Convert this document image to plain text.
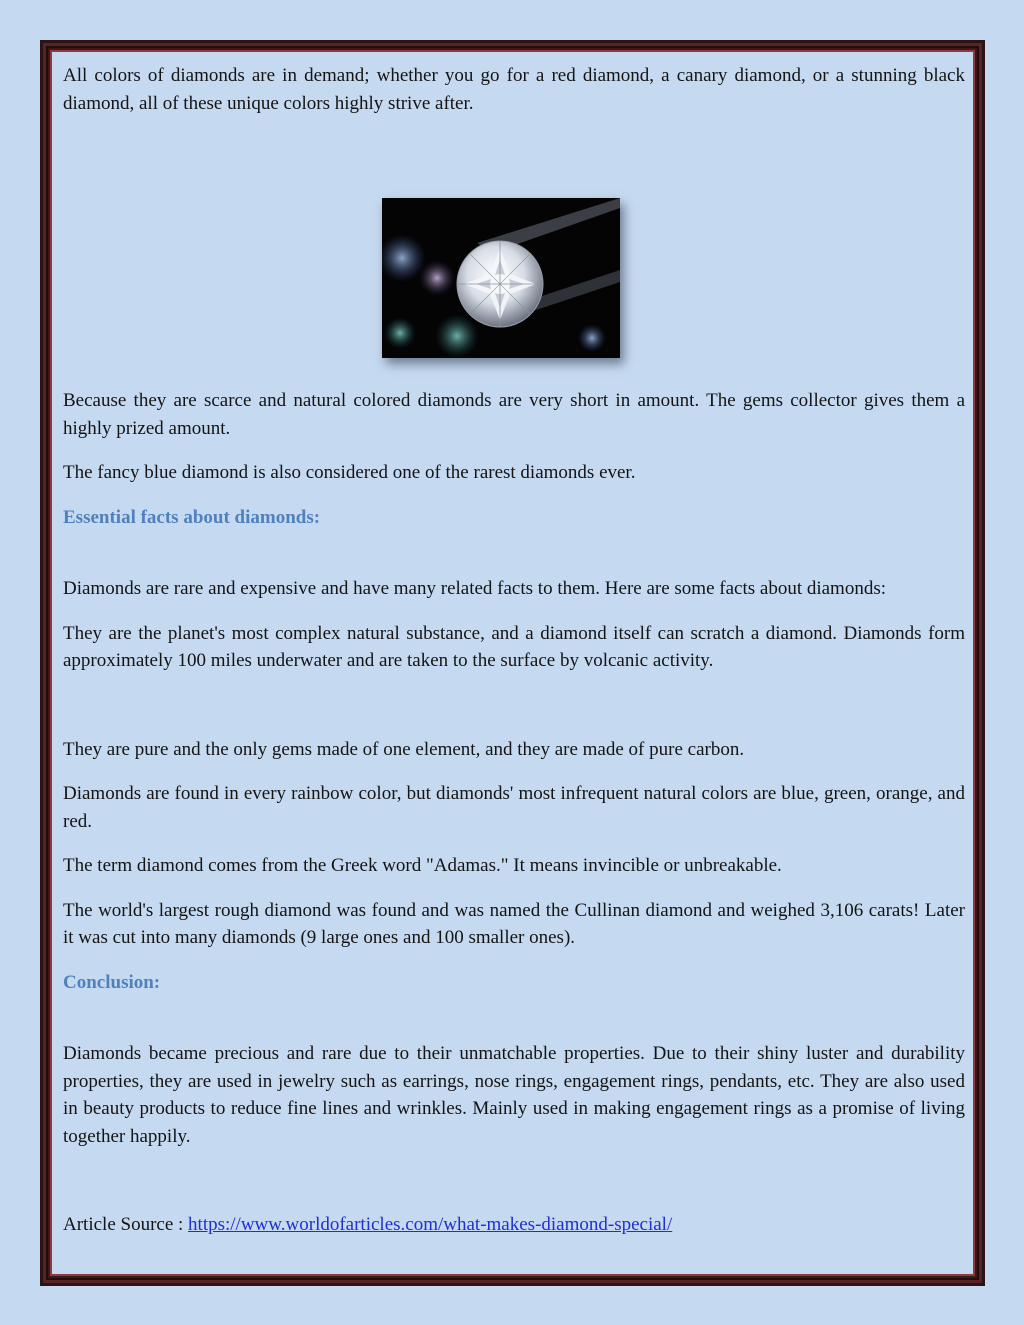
All colors of diamonds are in demand; whether you go for a red diamond, a canary diamond, or a stunning black diamond, all of these unique colors highly strive after.

Because they are scarce and natural colored diamonds are very short in amount. The gems collector gives them a highly prized amount.

The fancy blue diamond is also considered one of the rarest diamonds ever.

Essential facts about diamonds:

Diamonds are rare and expensive and have many related facts to them. Here are some facts about diamonds:

They are the planet's most complex natural substance, and a diamond itself can scratch a diamond. Diamonds form approximately 100 miles underwater and are taken to the surface by volcanic activity.

They are pure and the only gems made of one element, and they are made of pure carbon.

Diamonds are found in every rainbow color, but diamonds' most infrequent natural colors are blue, green, orange, and red.

The term diamond comes from the Greek word "Adamas." It means invincible or unbreakable.

The world's largest rough diamond was found and was named the Cullinan diamond and weighed 3,106 carats! Later it was cut into many diamonds (9 large ones and 100 smaller ones).

Conclusion:

Diamonds became precious and rare due to their unmatchable properties. Due to their shiny luster and durability properties, they are used in jewelry such as earrings, nose rings, engagement rings, pendants, etc. They are also used in beauty products to reduce fine lines and wrinkles. Mainly used in making engagement rings as a promise of living together happily.

Article Source : https://www.worldofarticles.com/what-makes-diamond-special/
